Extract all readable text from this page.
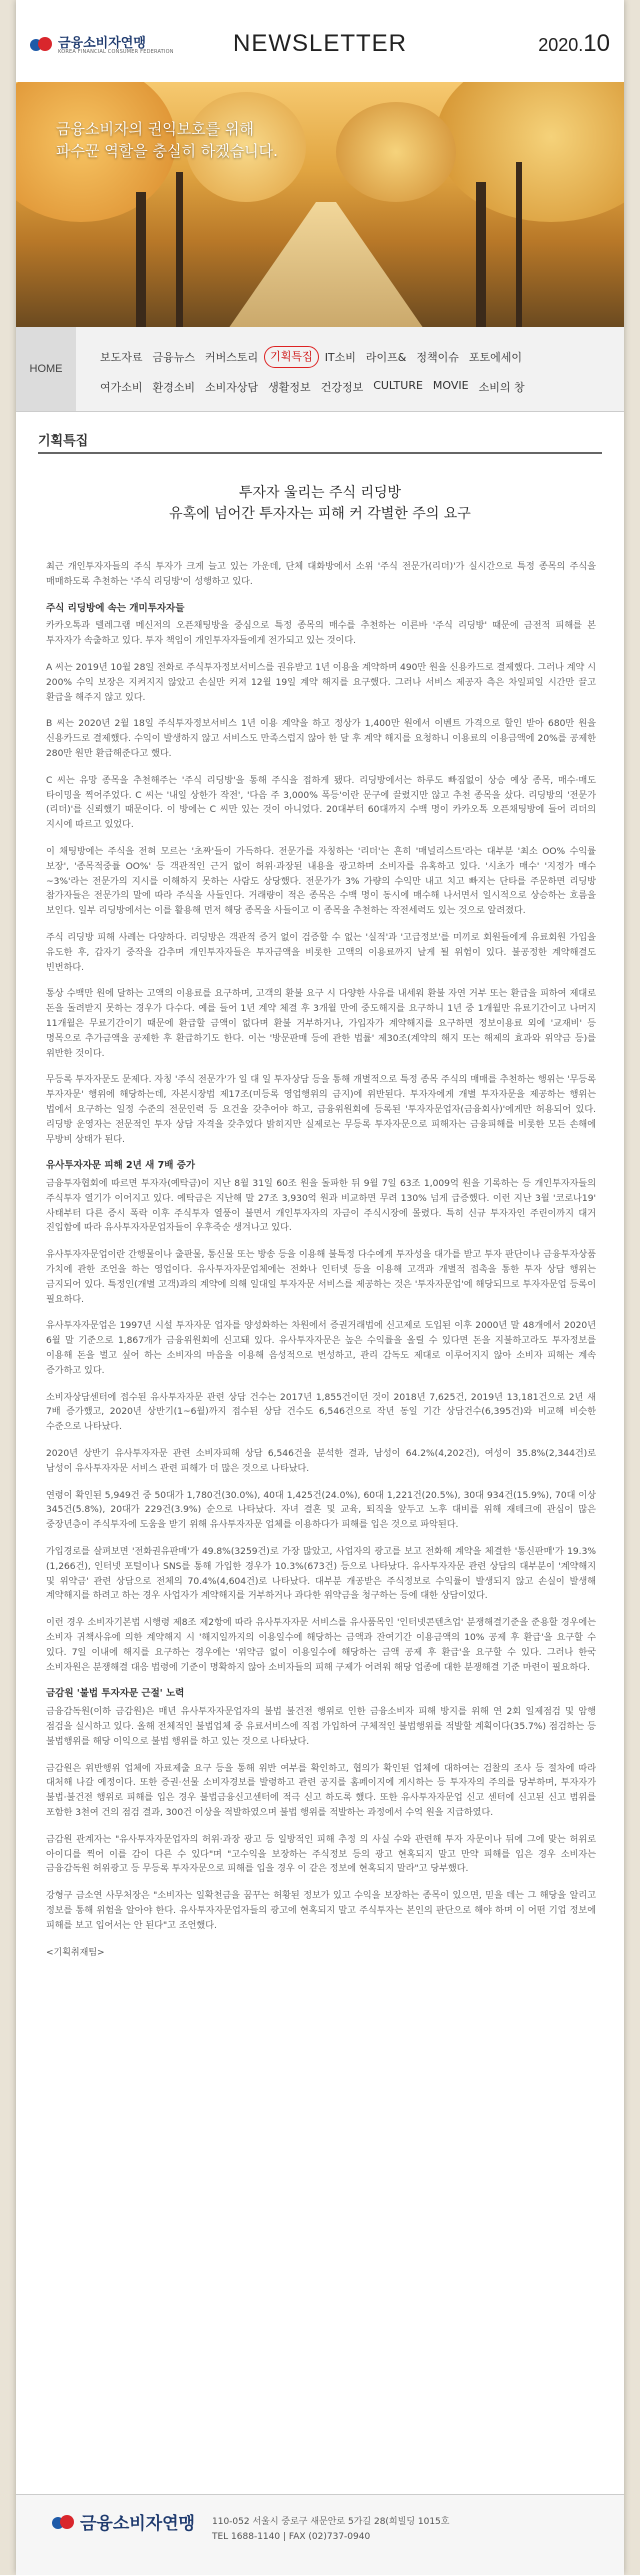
금융소비자연맹
KOREA FINANCIAL CONSUMER FEDERATION	NEWSLETTER	2020.10
금융소비자의 권익보호를 위해
파수꾼 역할을 충실히 하겠습니다.
HOME
보도자료 금융뉴스 커버스토리	기획특집	IT소비 라이프& 정책이슈 포토에세이
여가소비 환경소비 소비자상담 생활정보 건강정보 CULTURE MOVIE 소비의 창
기획특집
투자자 울리는 주식 리딩방
유혹에 넘어간 투자자는 피해 커 각별한 주의 요구

최근 개인투자자들의 주식 투자가 크게 늘고 있는 가운데, 단체 대화방에서 소위 '주식 전문가(리더)'가 실시간으로 특정 종목의 주식을 매매하도록 추천하는 '주식 리딩방'이 성행하고 있다.

주식 리딩방에 속는 개미투자자들

카카오톡과 텔레그램 메신저의 오픈채팅방을 중심으로 특정 종목의 매수를 추천하는 이른바 '주식 리딩방' 때문에 금전적 피해를 본 투자자가 속출하고 있다. 투자 책임이 개인투자자들에게 전가되고 있는 것이다.

A 씨는 2019년 10월 28일 전화로 주식투자정보서비스를 권유받고 1년 이용을 계약하며 490만 원을 신용카드로 결제했다. 그러나 계약 시 200% 수익 보장은 지켜지지 않았고 손실만 커져 12월 19일 계약 해지를 요구했다. 그러나 서비스 제공자 측은 차일피일 시간만 끌고 환급을 해주지 않고 있다.

B 씨는 2020년 2월 18일 주식투자정보서비스 1년 이용 계약을 하고 정상가 1,400만 원에서 이벤트 가격으로 할인 받아 680만 원을 신용카드로 결제했다. 수익이 발생하지 않고 서비스도 만족스럽지 않아 한 달 후 계약 해지를 요청하니 이용료의 이용금액에 20%를 공제한 280만 원만 환급해준다고 했다.

C 씨는 유망 종목을 추천해주는 '주식 리딩방'을 통해 주식을 접하게 됐다. 리딩방에서는 하루도 빠짐없이 상승 예상 종목, 매수·매도 타이밍을 찍어주었다. C 씨는 '내일 상한가 작전', '다음 주 3,000% 폭등'이란 문구에 끌렸지만 않고 추천 종목을 샀다. 리딩방의 '전문가(리더)'를 신뢰했기 때문이다. 이 방에는 C 씨만 있는 것이 아니었다. 20대부터 60대까지 수백 명이 카카오톡 오픈채팅방에 들어 리더의 지시에 따르고 있었다.

이 채팅방에는 주식을 전혀 모르는 '초짜'들이 가득하다. 전문가를 자칭하는 '리더'는 흔히 '매널리스트'라는 대부분 '최소 OO% 수익률 보장', '종목적중률 OO%' 등 객관적인 근거 없이 허위·과장된 내용을 광고하며 소비자를 유혹하고 있다. '시초가 매수' '지정가 매수~3%'라는 전문가의 지시를 이해하지 못하는 사람도 상당했다. 전문가가 3% 가량의 수익만 내고 치고 빠지는 단타를 주문하면 리딩방 참가자들은 전문가의 말에 따라 주식을 사들인다. 거래량이 적은 종목은 수백 명이 동시에 매수해 나서면서 일시적으로 상승하는 흐름을 보인다. 일부 리딩방에서는 이를 활용해 먼저 해당 종목을 사들이고 이 종목을 추천하는 작전세력도 있는 것으로 알려졌다.

주식 리딩방 피해 사례는 다양하다. 리딩방은 객관적 증거 없이 검증할 수 없는 '실적'과 '고급정보'를 미끼로 회원들에게 유료회원 가입을 유도한 후, 갑자기 중작을 감추며 개인투자자들은 투자금액을 비롯한 고액의 이용료까지 날게 될 위험이 있다. 불공정한 계약해결도 빈번하다.

통상 수백만 원에 달하는 고액의 이용료를 요구하며, 고객의 환불 요구 시 다양한 사유를 내세워 환불 자연 거부 또는 환급을 피하여 제대로 돈을 돌려받지 못하는 경우가 다수다. 예를 들어 1년 계약 체결 후 3개월 만에 중도해지를 요구하니 1년 중 1개월만 유료기간이고 나머지 11개월은 무료기간이기 때문에 환급할 금액이 없다며 환불 거부하거나, 가입자가 계약해지를 요구하면 정보이용료 외에 '교재비' 등 명목으로 추가금액을 공제한 후 환급하기도 한다. 이는 '방문판매 등에 관한 법률' 제30조(계약의 해지 또는 해제의 효과와 위약금 등)를 위반한 것이다.

무등록 투자자문도 문제다. 자칭 '주식 전문가'가 일 대 일 투자상담 등을 통해 개별적으로 특정 종목 주식의 매매를 추천하는 행위는 '무등록 투자자문' 행위에 해당하는데, 자본시장법 제17조(미등록 영업행위의 금지)에 위반된다. 투자자에게 개별 투자자문을 제공하는 행위는 법에서 요구하는 일정 수준의 전문인력 등 요건을 갖추어야 하고, 금융위원회에 등록된 '투자자문업자(금융회사)'에게만 허용되어 있다. 리딩방 운영자는 전문적인 투자 상담 자격을 갖추었다 밝히지만 실제로는 무등록 투자자문으로 피해자는 금융피해를 비롯한 모든 손해에 무방비 상태가 된다.

유사투자자문 피해 2년 새 7배 증가

금융투자협회에 따르면 투자자(예탁금)이 지난 8월 31일 60조 원을 돌파한 뒤 9월 7일 63조 1,009억 원을 기록하는 등 개인투자자들의 주식투자 열기가 이어지고 있다. 예탁금은 지난해 말 27조 3,930억 원과 비교하면 무려 130% 넘게 급증했다. 이런 지난 3월 '코로나19' 사태부터 다른 증시 폭락 이후 주식투자 열풍이 불면서 개인투자자의 자금이 주식시장에 몰렸다. 특히 신규 투자자인 주린이까지 대거 진입함에 따라 유사투자자문업자들이 우후죽순 생겨나고 있다.

유사투자자문업이란 간행물이나 출판물, 통신물 또는 방송 등을 이용해 불특정 다수에게 투자성을 대가를 받고 투자 판단이나 금융투자상품 가치에 관한 조언을 하는 영업이다. 유사투자자문업체에는 전화나 인터넷 등을 이용해 고객과 개별적 접촉을 통한 투자 상담 행위는 금지되어 있다. 특정인(개별 고객)과의 계약에 의해 일대일 투자자문 서비스를 제공하는 것은 '투자자문업'에 해당되므로 투자자문업 등록이 필요하다.

유사투자자문업은 1997년 시설 투자자문 업자를 양성화하는 차원에서 증권거래법에 신고제로 도입된 이후 2000년 말 48개에서 2020년 6월 말 기준으로 1,867개가 금융위원회에 신고돼 있다. 유사투자자문은 높은 수익률을 올릴 수 있다면 돈을 지불하고라도 투자정보를 이용해 돈을 벌고 싶어 하는 소비자의 마음을 이용해 음성적으로 번성하고, 관리 감독도 제대로 이루어지지 않아 소비자 피해는 계속 증가하고 있다.

소비자상담센터에 접수된 유사투자자문 관련 상담 건수는 2017년 1,855건이던 것이 2018년 7,625건, 2019년 13,181건으로 2년 새 7배 증가했고, 2020년 상반기(1~6월)까지 접수된 상담 건수도 6,546건으로 작년 동일 기간 상담건수(6,395건)와 비교해 비슷한 수준으로 나타났다.

2020년 상반기 유사투자자문 관련 소비자피해 상담 6,546건을 분석한 결과, 남성이 64.2%(4,202건), 여성이 35.8%(2,344건)로 남성이 유사투자자문 서비스 관련 피해가 더 많은 것으로 나타났다.

연령이 확인된 5,949건 중 50대가 1,780건(30.0%), 40대 1,425건(24.0%), 60대 1,221건(20.5%), 30대 934건(15.9%), 70대 이상 345건(5.8%), 20대가 229건(3.9%) 순으로 나타났다. 자녀 결혼 및 교육, 퇴직을 앞두고 노후 대비를 위해 재테크에 관심이 많은 중장년층이 주식투자에 도움을 받기 위해 유사투자자문 업체를 이용하다가 피해를 입은 것으로 파악된다.

가입경로를 살펴보면 '전화권유판매'가 49.8%(3259건)로 가장 많았고, 사업자의 광고를 보고 전화해 계약을 체결한 '통신판매'가 19.3%(1,266건), 인터넷 포털이나 SNS를 통해 가입한 경우가 10.3%(673건) 등으로 나타났다. 유사투자자문 관련 상담의 대부분이 '계약해지 및 위약금' 관련 상담으로 전체의 70.4%(4,604건)로 나타났다. 대부분 개공받은 주식정보로 수익률이 발생되지 않고 손실이 발생해 계약해지를 하려고 하는 경우 사업자가 계약해지를 거부하거나 과다한 위약금을 청구하는 등에 대한 상담이었다.

이런 경우 소비자기본법 시행령 제8조 제2항에 따라 유사투자자문 서비스를 유사품목인 '인터넷콘텐츠업' 분쟁해결기준을 준용할 경우에는 소비자 귀책사유에 의한 계약해지 시 '해지일까지의 이용일수에 해당하는 금액과 잔여기간 이용금액의 10% 공제 후 환급'을 요구할 수 있다. 7일 이내에 해지를 요구하는 경우에는 '위약금 없이 이용일수에 해당하는 금액 공제 후 환급'을 요구할 수 있다. 그러나 한국 소비자원은 분쟁해결 대응 법령에 기준이 명확하지 않아 소비자들의 피해 구제가 어려워 해당 업종에 대한 분쟁해결 기준 마련이 필요하다.

금감원 '불법 투자자문 근절' 노력

금융감독원(이하 금감원)은 매년 유사투자자문업자의 불법 불건전 행위로 인한 금융소비자 피해 방지를 위해 연 2회 일제점검 및 암행 점검을 실시하고 있다. 올해 전체적인 불법업체 중 유료서비스에 직접 가입하여 구체적인 불법행위를 적발할 계획이다(35.7%) 점검하는 등 불법행위를 해당 이익으로 불법 행위를 하고 있는 것으로 나타났다.

금감원은 위반행위 업체에 자료제출 요구 등을 통해 위반 여부를 확인하고, 협의가 확인된 업체에 대하여는 검찰의 조사 등 절차에 따라 대처해 나갈 예정이다. 또한 증권·선물 소비자경보를 발령하고 관련 공지를 홈페이지에 게시하는 등 투자자의 주의를 당부하며, 투자자가 불법·불건전 행위로 피해를 입은 경우 불법금융신고센터에 적극 신고 하도록 했다. 또한 유사투자자문업 신고 센터에 신고된 신고 범위를 포함한 3천여 건의 점검 결과, 300건 이상을 적발하였으며 불법 행위를 적발하는 과정에서 수억 원을 지급하였다.

금감원 관계자는 "유사투자자문업자의 허위·과장 광고 등 일방적인 피해 추정 의 사실 수와 관련해 투자 자문이나 뒤에 그에 맞는 허위로 아이디를 찍어 이를 감이 다른 수 있다"며 "고수익을 보장하는 주식정보 등의 광고 현혹되지 말고 만약 피해를 입은 경우 소비자는 금융감독원 허위광고 등 무등록 투자자문으로 피해를 입을 경우 이 같은 정보에 현혹되지 말라"고 당부했다.

강형구 금소연 사무처장은 "소비자는 일확천금을 꿈꾸는 허황된 정보가 있고 수익을 보장하는 종목이 있으면, 믿을 데는 그 해당을 알리고 정보를 통해 위험을 알아야 한다. 유사투자자문업자들의 광고에 현혹되지 말고 주식투자는 본인의 판단으로 해야 하며 이 어떤 기업 정보에 피해를 보고 입어서는 안 된다"고 조언했다.

<기획취재팀>
금융소비자연맹 110-052 서울시 중로구 새문안로 5가길 28(희빌딩 1015호
TEL 1688-1140 | FAX (02)737-0940
